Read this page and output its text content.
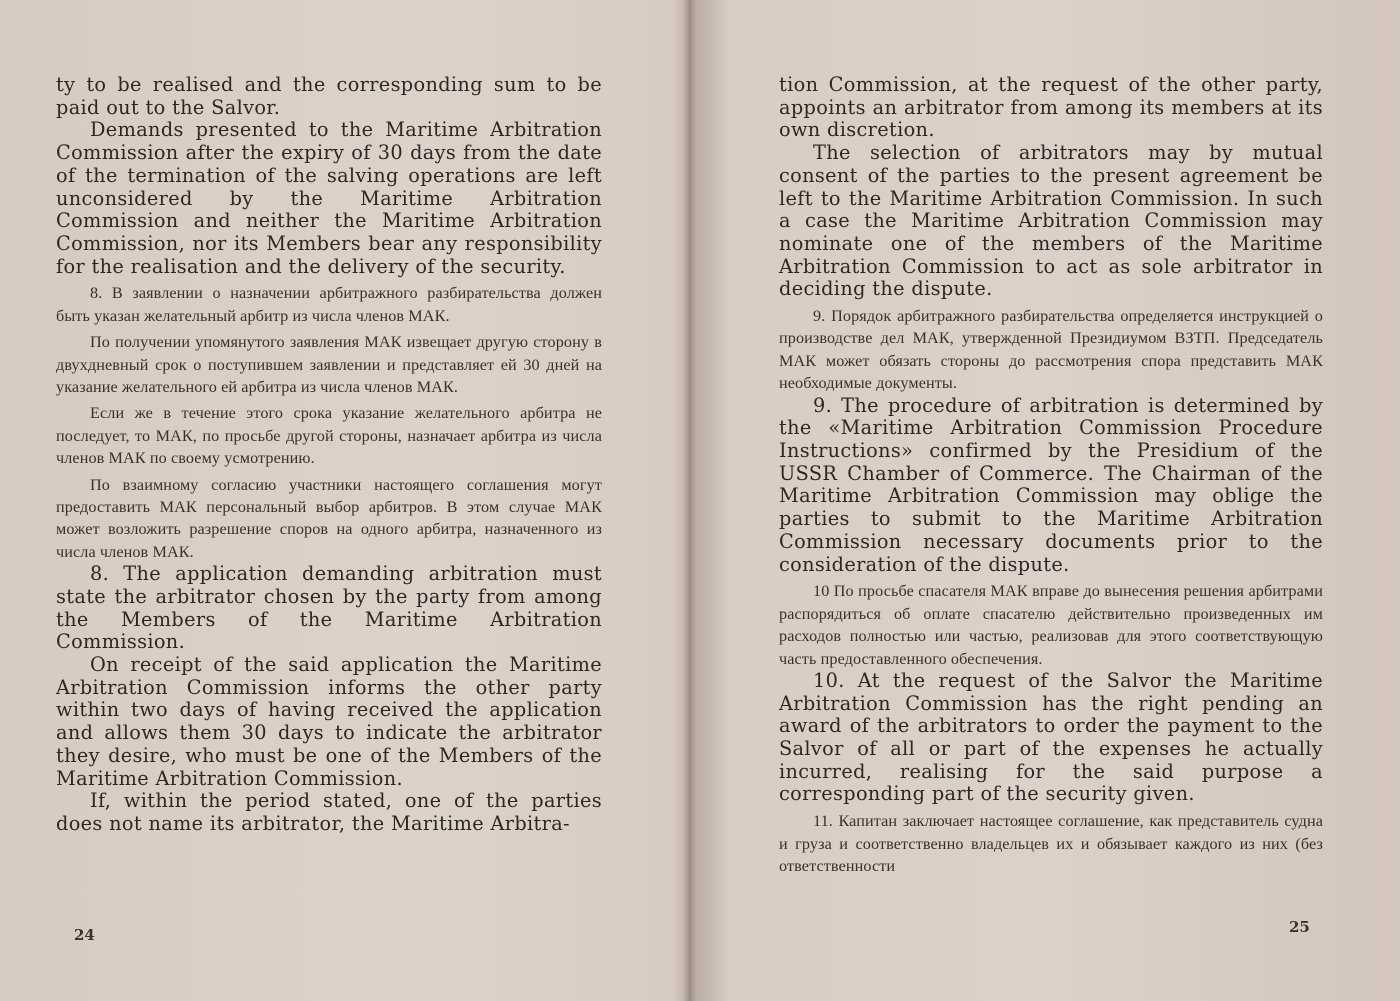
ty to be realised and the corresponding sum to be paid out to the Salvor.

Demands presented to the Maritime Arbitration Commission after the expiry of 30 days from the date of the termination of the salving operations are left unconsidered by the Maritime Arbitration Commission and neither the Maritime Arbitration Commission, nor its Members bear any responsibility for the realisation and the delivery of the security.

8. В заявлении о назначении арбитражного разбирательства должен быть указан желательный арбитр из числа членов МАК.

По получении упомянутого заявления МАК извещает другую сторону в двухдневный срок о поступившем заявлении и представляет ей 30 дней на указание желательного ей арбитра из числа членов МАК.

Если же в течение этого срока указание желательного арбитра не последует, то МАК, по просьбе другой стороны, назначает арбитра из числа членов МАК по своему усмотрению.

По взаимному согласию участники настоящего соглашения могут предоставить МАК персональный выбор арбитров. В этом случае МАК может возложить разрешение споров на одного арбитра, назначенного из числа членов МАК.

8. The application demanding arbitration must state the arbitrator chosen by the party from among the Members of the Maritime Arbitration Commission.

On receipt of the said application the Maritime Arbitration Commission informs the other party within two days of having received the application and allows them 30 days to indicate the arbitrator they desire, who must be one of the Members of the Maritime Arbitration Commission.

If, within the period stated, one of the parties does not name its arbitrator, the Maritime Arbitra-

24

tion Commission, at the request of the other party, appoints an arbitrator from among its members at its own discretion.

The selection of arbitrators may by mutual consent of the parties to the present agreement be left to the Maritime Arbitration Commission. In such a case the Maritime Arbitration Commission may nominate one of the members of the Maritime Arbitration Commission to act as sole arbitrator in deciding the dispute.

9. Порядок арбитражного разбирательства определяется инструкцией о производстве дел МАК, утвержденной Президиумом ВЗТП. Председатель МАК может обязать стороны до рассмотрения спора представить МАК необходимые документы.

9. The procedure of arbitration is determined by the «Maritime Arbitration Commission Procedure Instructions» confirmed by the Presidium of the USSR Chamber of Commerce. The Chairman of the Maritime Arbitration Commission may oblige the parties to submit to the Maritime Arbitration Commission necessary documents prior to the consideration of the dispute.

10 По просьбе спасателя МАК вправе до вынесения решения арбитрами распорядиться об оплате спасателю действительно произведенных им расходов полностью или частью, реализовав для этого соответствующую часть предоставленного обеспечения.

10. At the request of the Salvor the Maritime Arbitration Commission has the right pending an award of the arbitrators to order the payment to the Salvor of all or part of the expenses he actually incurred, realising for the said purpose a corresponding part of the security given.

11. Капитан заключает настоящее соглашение, как представитель судна и груза и соответственно владельцев их и обязывает каждого из них (без ответственности

25
